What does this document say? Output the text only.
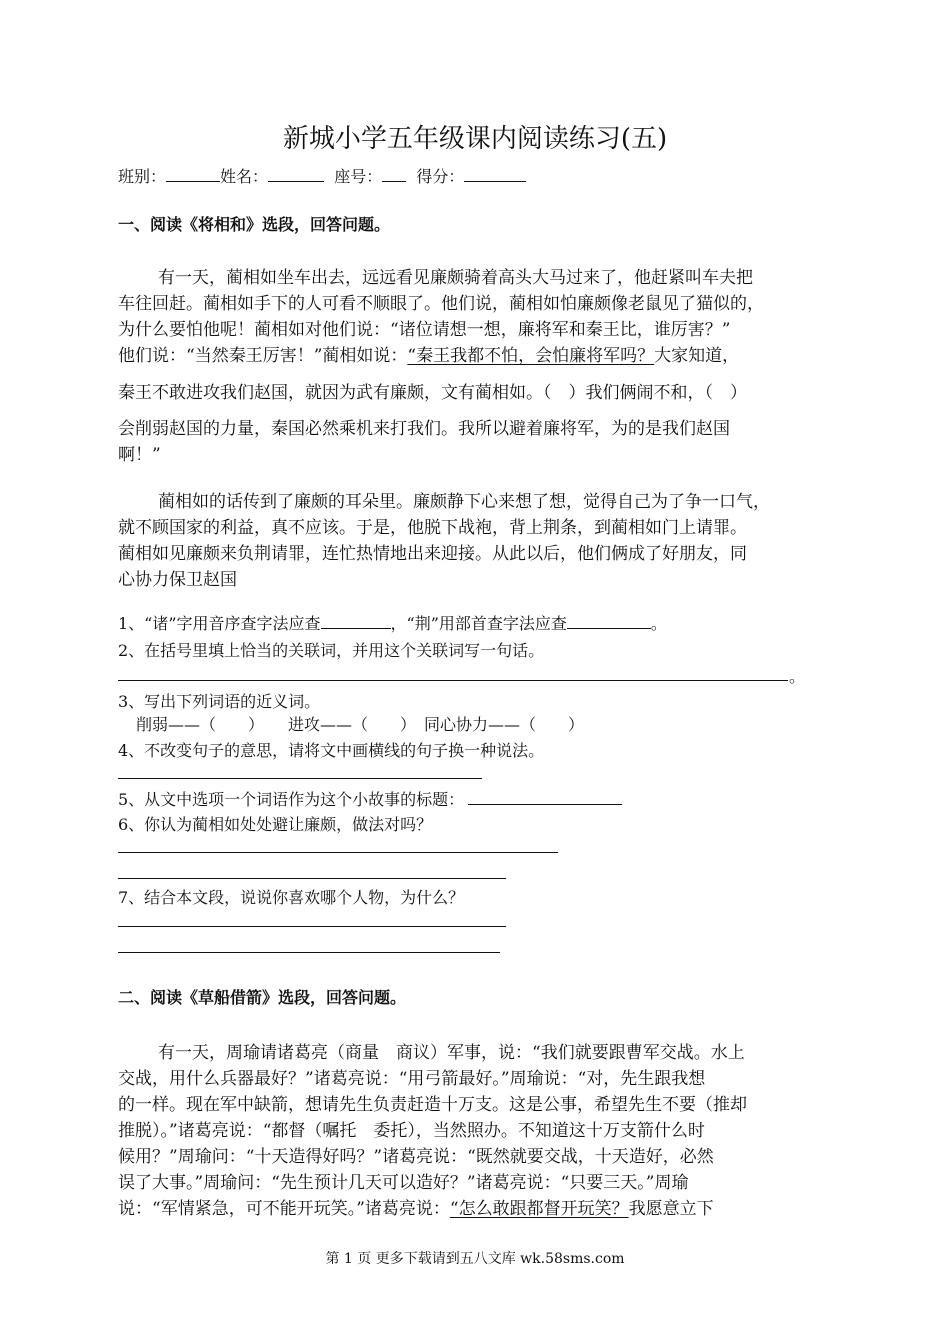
新城小学五年级课内阅读练习(五)
班别：	姓名：	座号： 得分：
一、阅读《将相和》选段，回答问题。
有一天，蔺相如坐车出去，远远看见廉颇骑着高头大马过来了，他赶紧叫车夫把
车往回赶。蔺相如手下的人可看不顺眼了。他们说，蔺相如怕廉颇像老鼠见了猫似的，
为什么要怕他呢！蔺相如对他们说：“诸位请想一想，廉将军和秦王比，谁厉害？”
他们说：“当然秦王厉害！”蔺相如说：“秦王我都不怕，会怕廉将军吗？大家知道，
秦王不敢进攻我们赵国，就因为武有廉颇，文有蔺相如。（　）我们俩闹不和，（　）
会削弱赵国的力量，秦国必然乘机来打我们。我所以避着廉将军，为的是我们赵国
啊！”
蔺相如的话传到了廉颇的耳朵里。廉颇静下心来想了想，觉得自己为了争一口气，
就不顾国家的利益，真不应该。于是，他脱下战袍，背上荆条，到蔺相如门上请罪。
蔺相如见廉颇来负荆请罪，连忙热情地出来迎接。从此以后，他们俩成了好朋友，同
心协力保卫赵国
1、“诸”字用音序查字法应查	，“荆”用部首查字法应查	。
2、在括号里填上恰当的关联词，并用这个关联词写一句话。
。
3、写出下列词语的近义词。
削弱——（　　）　　进攻——（　　）　同心协力——（　　）
4、不改变句子的意思，请将文中画横线的句子换一种说法。
5、从文中选项一个词语作为这个小故事的标题：
6、你认为蔺相如处处避让廉颇，做法对吗？
7、结合本文段，说说你喜欢哪个人物，为什么？
二、阅读《草船借箭》选段，回答问题。
有一天，周瑜请诸葛亮（商量　商议）军事，说：“我们就要跟曹军交战。水上
交战，用什么兵器最好？”诸葛亮说：“用弓箭最好。”周瑜说：“对，先生跟我想
的一样。现在军中缺箭，想请先生负责赶造十万支。这是公事，希望先生不要（推却
推脱）。”诸葛亮说：“都督（嘱托　委托），当然照办。不知道这十万支箭什么时
候用？”周瑜问：“十天造得好吗？”诸葛亮说：“既然就要交战，十天造好，必然
误了大事。”周瑜问：“先生预计几天可以造好？”诸葛亮说：“只要三天。”周瑜
说：“军情紧急，可不能开玩笑。”诸葛亮说：“怎么敢跟都督开玩笑？我愿意立下
第 1 页 更多下载请到五八文库 wk.58sms.com
